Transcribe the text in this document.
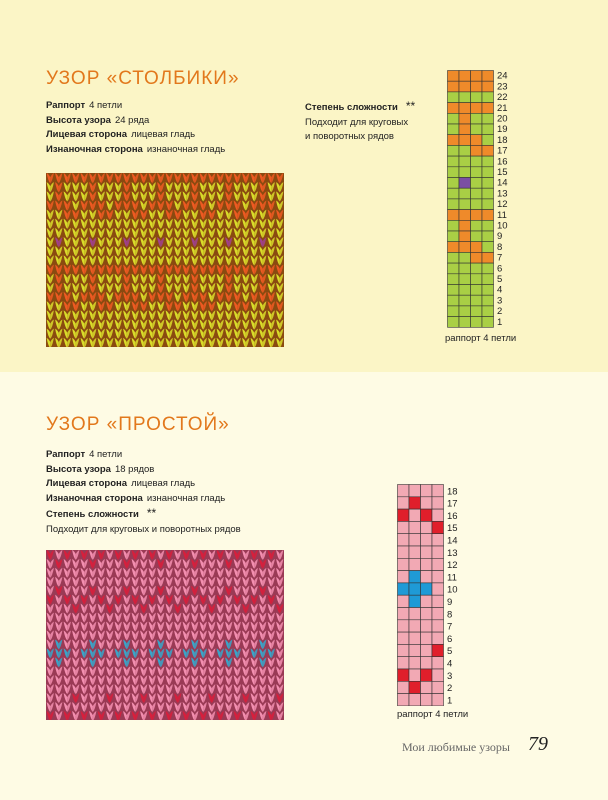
УЗОР «СТОЛБИКИ»
Раппорт 4 петли
Высота узора 24 ряда
Лицевая сторона лицевая гладь
Изнаночная сторона изнаночная гладь
Степень сложности **
Подходит для круговых
и поворотных рядов
24
23
22
21
20
19
18
17
16
15
14
13
12
11
10
9
8
7
6
5
4
3
2
1
раппорт 4 петли
УЗОР «ПРОСТОЙ»
Раппорт 4 петли
Высота узора 18 рядов
Лицевая сторона лицевая гладь
Изнаночная сторона изнаночная гладь
Степень сложности **
Подходит для круговых и поворотных рядов
18
17
16
15
14
13
12
11
10
9
8
7
6
5
4
3
2
1
раппорт 4 петли
Мои любимые узоры 79
